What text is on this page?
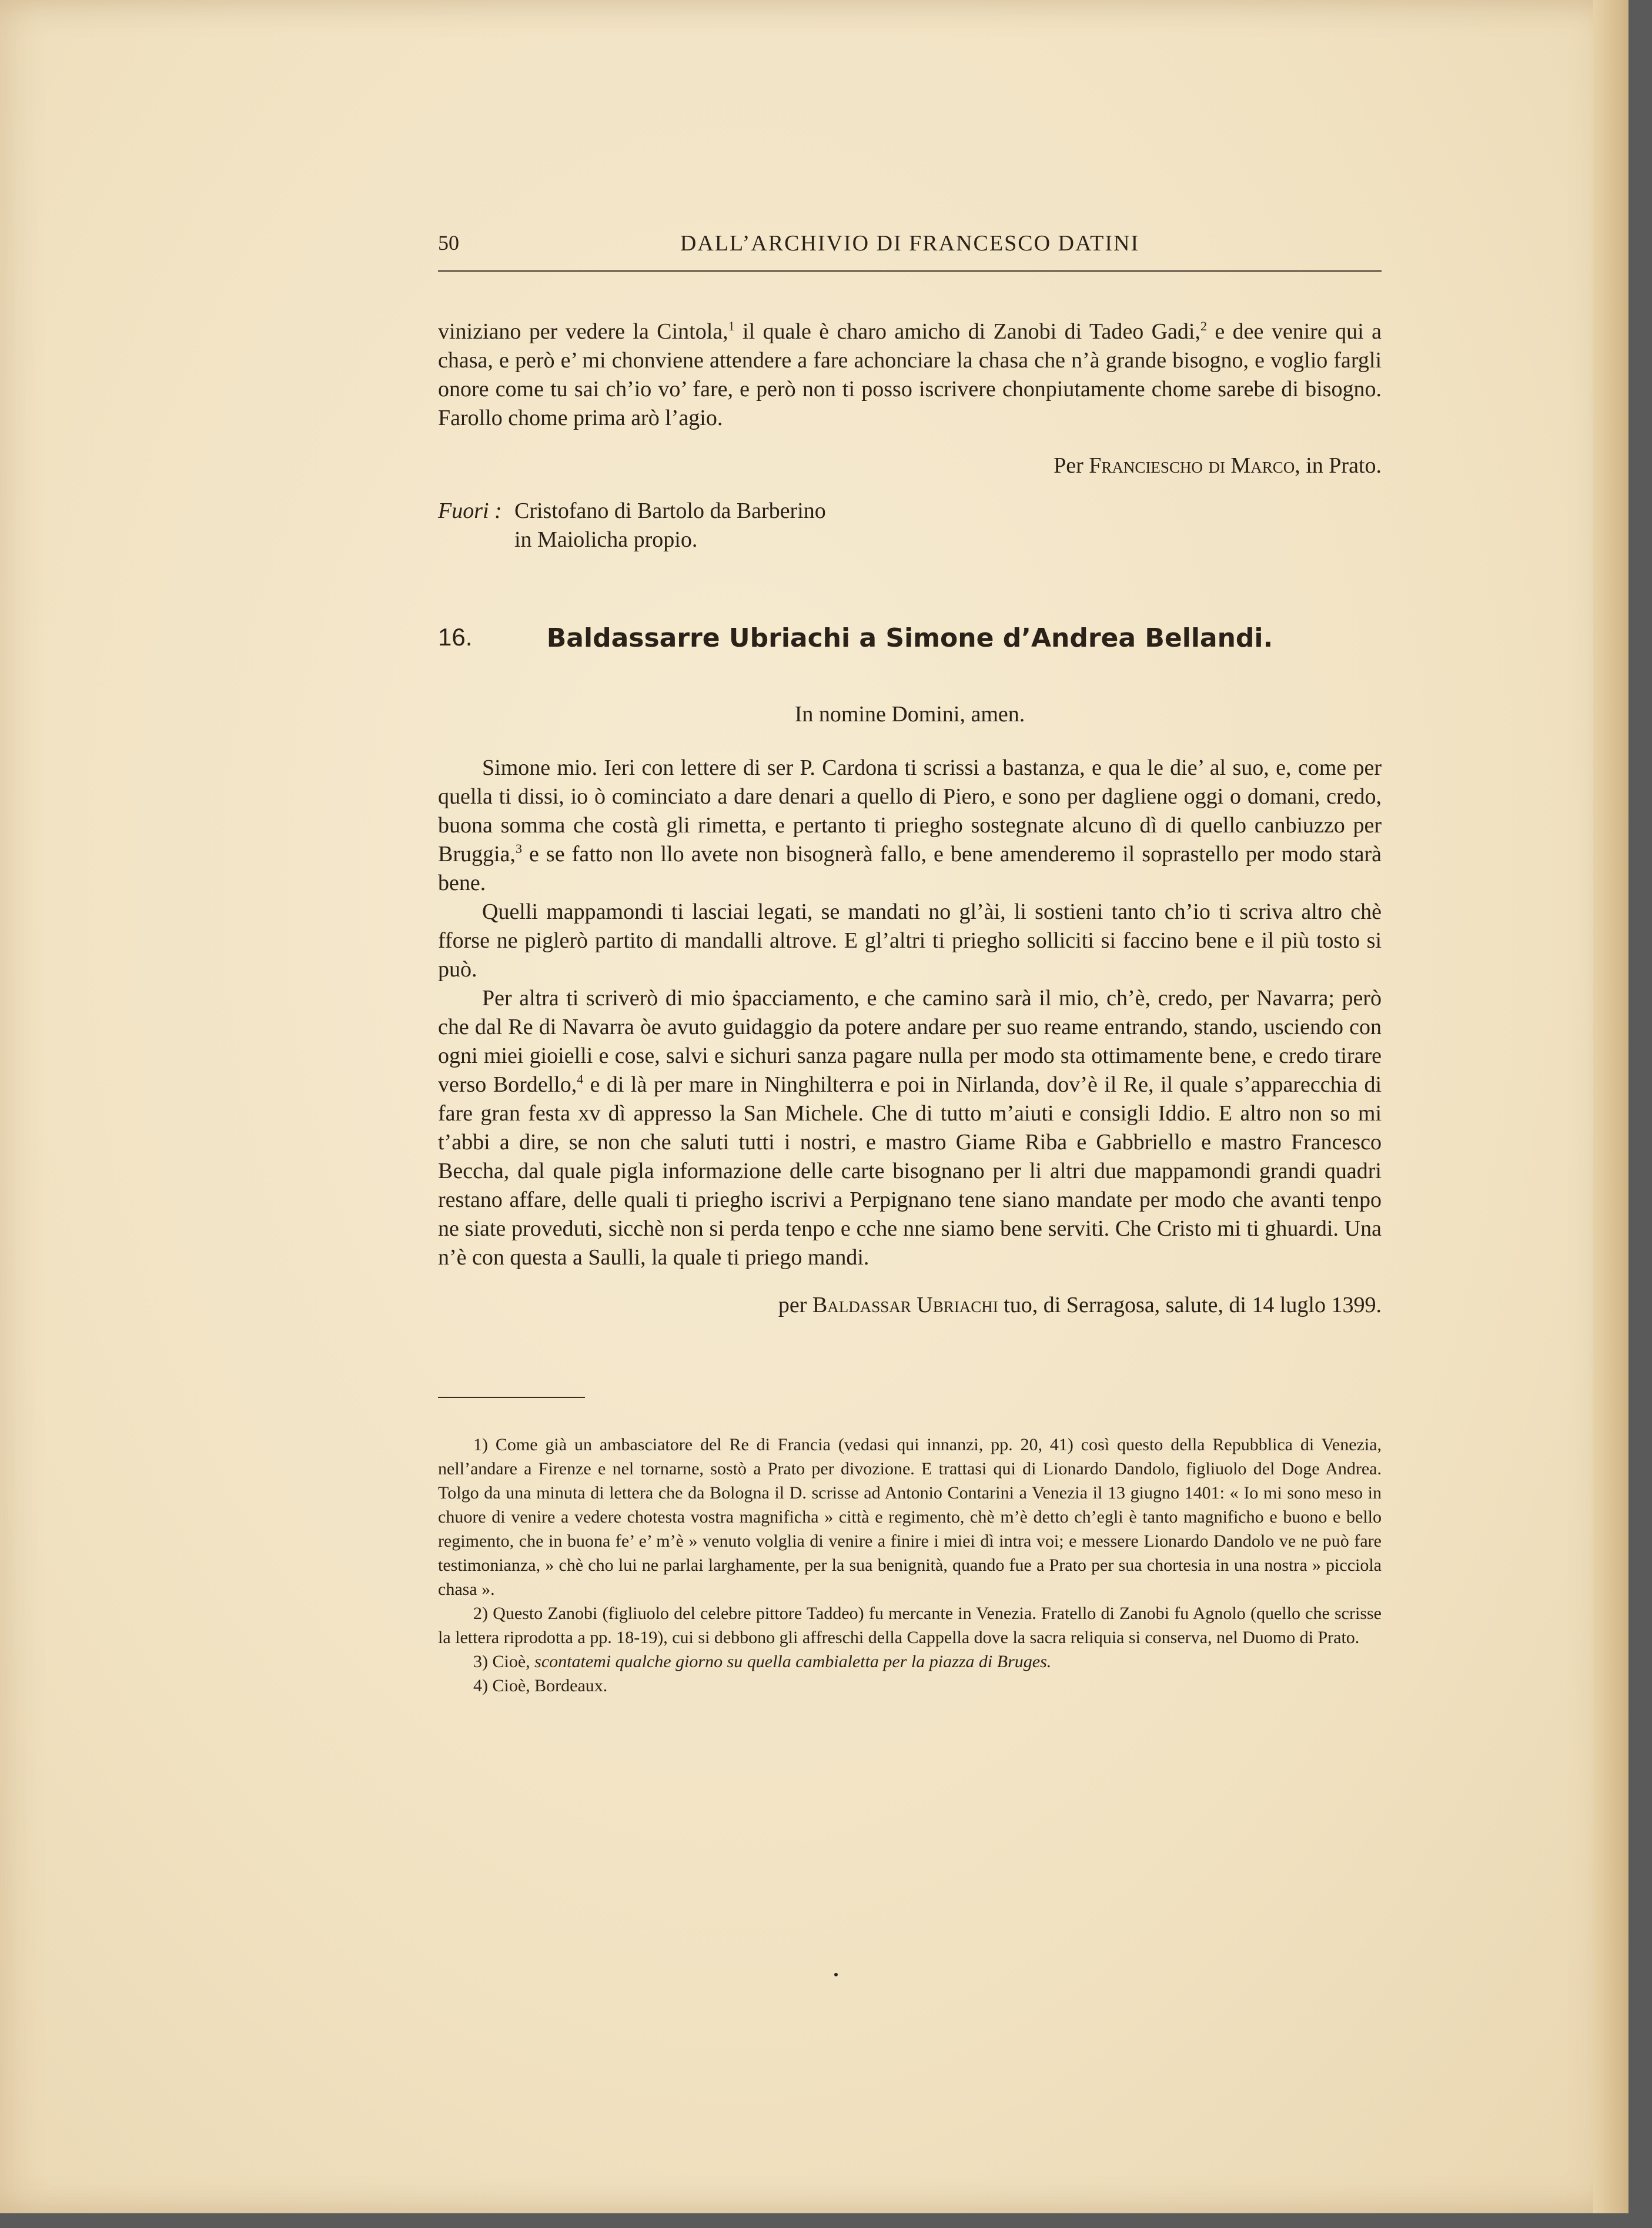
50	DALL’ARCHIVIO DI FRANCESCO DATINI

viniziano per vedere la Cintola,$^1$ il quale è charo amicho di Zanobi di Tadeo Gadi,$^2$ e dee venire qui a chasa, e però e’ mi chonviene attendere a fare achonciare la chasa che n’à grande bisogno, e voglio fargli onore come tu sai ch’io vo’ fare, e però non ti posso iscrivere chonpiutamente chome sarebe di bisogno. Farollo chome prima arò l’agio.

Per Franciescho di Marco, in Prato.

Fuori : Cristofano di Bartolo da Barberino
in Maiolicha propio.
16.	Baldassarre Ubriachi a Simone d’Andrea Bellandi.
In nomine Domini, amen.

Simone mio. Ieri con lettere di ser P. Cardona ti scrissi a bastanza, e qua le die’ al suo, e, come per quella ti dissi, io ò cominciato a dare denari a quello di Piero, e sono per dagliene oggi o domani, credo, buona somma che costà gli rimetta, e pertanto ti prieghо sostegnate alcuno dì di quello canbiuzzo per Bruggia,$^3$ e se fatto non llo avete non bisognerà fallo, e bene amenderemo il soprastello per modo starà bene.

Quelli mappamondi ti lasciai legati, se mandati no gl’ài, li sostieni tanto ch’io ti scriva altro chè fforse ne piglerò partito di mandalli altrove. E gl’altri ti prieghо solliciti si faccino bene e il più tosto si può.

Per altra ti scriverò di mio ṡpacciamento, e che camino sarà il mio, ch’è, credo, per Navarra; però che dal Re di Navarra òe avuto guidaggio da potere andare per suo reame entrando, stando, usciendo con ogni miei gioielli e cose, salvi e sichuri sanza pagare nulla per modo sta ottimamente bene, e credo tirare verso Bordello,$^4$ e di là per mare in Ninghilterra e poi in Nirlanda, dov’è il Re, il quale s’apparecchia di fare gran festa xv dì appresso la San Michele. Che di tutto m’aiuti e consigli Iddio. E altro non so mi t’abbi a dire, se non che saluti tutti i nostri, e mastro Giame Riba e Gabbriello e mastro Francesco Beccha, dal quale pigla informazione delle carte bisognano per li altri due mappamondi grandi quadri restano affare, delle quali ti prieghо iscrivi a Perpignano tene siano mandate per modo che avanti tenpo ne siate proveduti, sicchè non si perda tenpo e cche nne siamo bene serviti. Che Cristo mi ti ghuardi. Una n’è con questa a Saulli, la quale ti priego mandi.

per Baldassar Ubriachi tuo, di Serragosa, salute, di 14 luglo 1399.

1) Come già un ambasciatore del Re di Francia (vedasi qui innanzi, pp. 20, 41) così questo della Repubblica di Venezia, nell’andare a Firenze e nel tornarne, sostò a Prato per divozione. E trattasi qui di Lionardo Dandolo, figliuolo del Doge Andrea. Tolgo da una minuta di lettera che da Bologna il D. scrisse ad Antonio Contarini a Venezia il 13 giugno 1401: « Io mi sono meso in chuore di venire a vedere chotesta vostra magnificha » città e regimento, chè m’è detto ch’egli è tanto magnificho e buono e bello regimento, che in buona fe’ e’ m’è » venuto volglia di venire a finire i miei dì intra voi; e messere Lionardo Dandolo ve ne può fare testimonianza, » chè cho lui ne parlai larghamente, per la sua benignità, quando fue a Prato per sua chortesia in una nostra » picciola chasa ».

2) Questo Zanobi (figliuolo del celebre pittore Taddeo) fu mercante in Venezia. Fratello di Zanobi fu Agnolo (quello che scrisse la lettera riprodotta a pp. 18-19), cui si debbono gli affreschi della Cappella dove la sacra reliquia si conserva, nel Duomo di Prato.

3) Cioè, scontatemi qualche giorno su quella cambialetta per la piazza di Bruges.

4) Cioè, Bordeaux.
